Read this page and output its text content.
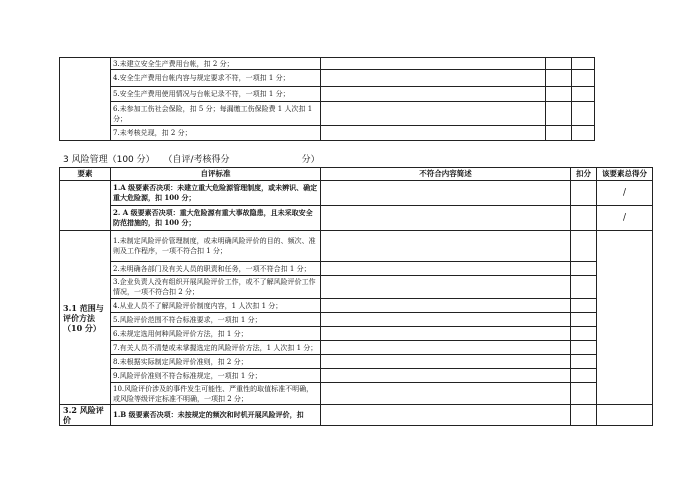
	3.未建立安全生产费用台帐，扣 2 分；			
	4.安全生产费用台帐内容与规定要求不符，一项扣 1 分；			
	5.安全生产费用使用情况与台帐记录不符，一项扣 1 分；			
	6.未参加工伤社会保险，扣 5 分；每漏缴工伤保险费 1 人次扣 1 分；			
	7.未考核兑现，扣 2 分；			
3 风险管理（100 分） （自评/考核得分	分）
要素	自评标准	不符合内容简述	扣分	该要素总得分
	1.A 级要素否决项：未建立重大危险源管理制度，或未辨识、确定重大危险源，扣 100 分；			/
	2. A 级要素否决项：重大危险源有重大事故隐患，且未采取安全防范措施的，扣 100 分；			/
3.1 范围与评价方法（10 分）	1.未制定风险评价管理制度，或未明确风险评价的目的、频次、准则及工作程序，一项不符合扣 1 分；			
	2.未明确各部门及有关人员的职责和任务，一项不符合扣 1 分；			
	3.企业负责人没有组织开展风险评价工作，或不了解风险评价工作情况，一项不符合扣 2 分；			
	4.从业人员不了解风险评价制度内容，1 人次扣 1 分；			
	5.风险评价范围不符合标准要求，一项扣 1 分；			
	6.未规定选用何种风险评价方法，扣 1 分；			
	7.有关人员不清楚或未掌握选定的风险评价方法，1 人次扣 1 分；			
	8.未根据实际制定风险评价准则，扣 2 分；			
	9.风险评价准则不符合标准规定，一项扣 1 分；			
	10.风险评价涉及的事件发生可能性、严重性的取值标准不明确，或风险等级评定标准不明确，一项扣 2 分；			
3.2 风险评价	1.B 级要素否决项：未按规定的频次和时机开展风险评价，扣			
